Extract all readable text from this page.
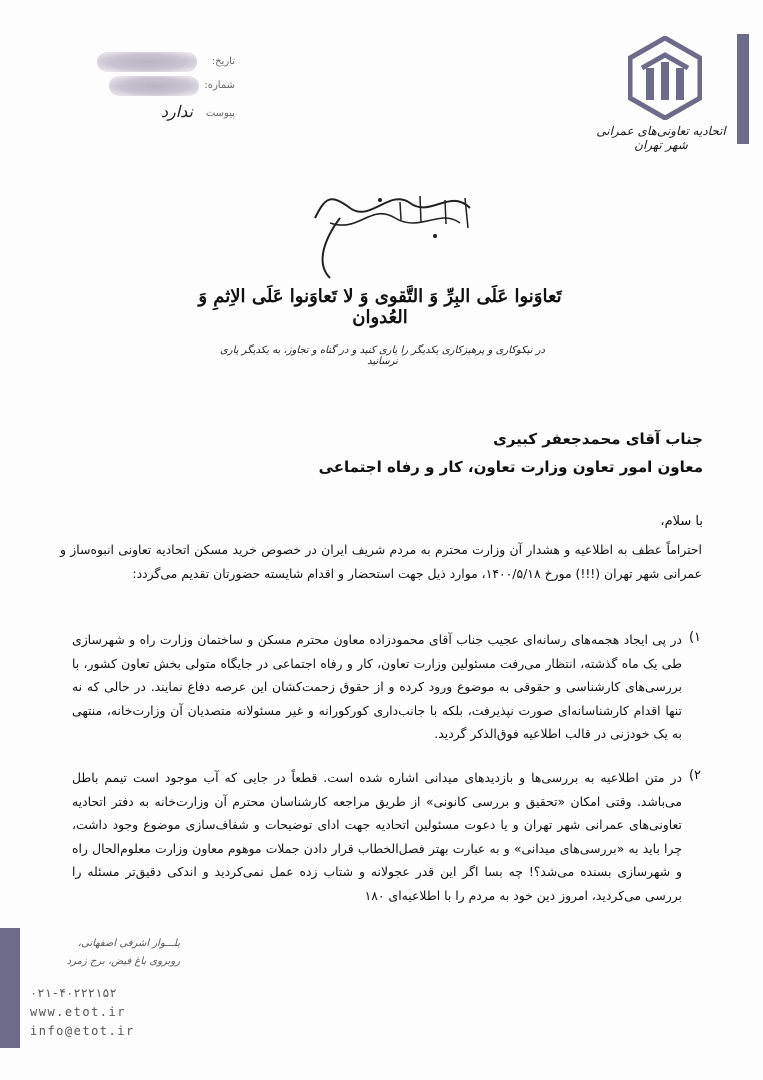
اتحادیه تعاونی‌های عمرانی شهر تهران
تاریخ:
شماره:
پیوست
ندارد
تَعاوَنوا عَلَی البِرِّ وَ التَّقوی وَ لا تَعاوَنوا عَلَی الاِثمِ وَ العُدوان
در نیکوکاری و پرهیزکاری یکدیگر را یاری کنید و در گناه و تجاوز، به یکدیگر یاری نرسانید
جناب آقای محمدجعفر کبیری
معاون امور تعاون وزارت تعاون، کار و رفاه اجتماعی
با سلام،
احتراماً عطف به اطلاعیه و هشدار آن وزارت محترم به مردم شریف ایران در خصوص خرید مسکن اتحادیه تعاونی انبوه‌ساز و عمرانی شهر تهران (!!!) مورخ ۱۴۰۰/۵/۱۸، موارد ذیل جهت استحضار و اقدام شایسته حضورتان تقدیم می‌گردد:
(۱
در پی ایجاد هجمه‌های رسانه‌ای عجیب جناب آقای محمودزاده معاون محترم مسکن و ساختمان وزارت راه و شهرسازی طی یک ماه گذشته، انتظار می‌رفت مسئولین وزارت تعاون، کار و رفاه اجتماعی در جایگاه متولی بخش تعاون کشور، با بررسی‌های کارشناسی و حقوقی به موضوع ورود کرده و از حقوق زحمت‌کشان این عرصه دفاع نمایند. در حالی که نه تنها اقدام کارشناسانه‌ای صورت نپذیرفت، بلکه با جانب‌داری کورکورانه و غیر مسئولانه متصدیان آن وزارت‌خانه، منتهی به یک خودزنی در قالب اطلاعیه فوق‌الذکر گردید.
(۲
در متن اطلاعیه به بررسی‌ها و بازدیدهای میدانی اشاره شده است. قطعاً در جایی که آب موجود است تیمم باطل می‌باشد. وقتی امکان «تحقیق و بررسی کانونی» از طریق مراجعه کارشناسان محترم آن وزارت‌خانه به دفتر اتحادیه تعاونی‌های عمرانی شهر تهران و یا دعوت مسئولین اتحادیه جهت ادای توضیحات و شفاف‌سازی موضوع وجود داشت، چرا باید به «بررسی‌های میدانی» و به عبارت بهتر فصل‌الخطاب قرار دادن جملات موهوم معاون وزارت معلوم‌الحال راه و شهرسازی بسنده می‌شد؟! چه بسا اگر این قدر عجولانه و شتاب زده عمل نمی‌کردید و اندکی دقیق‌تر مسئله را بررسی می‌کردید، امروز دین خود به مردم را با اطلاعیه‌ای ۱۸۰
بلـــوار اشرفی اصفهانی،
روبروی باغ فیض، برج زمرد
۰۲۱-۴۰۲۲۲۱۵۲
www.etot.ir
info@etot.ir
